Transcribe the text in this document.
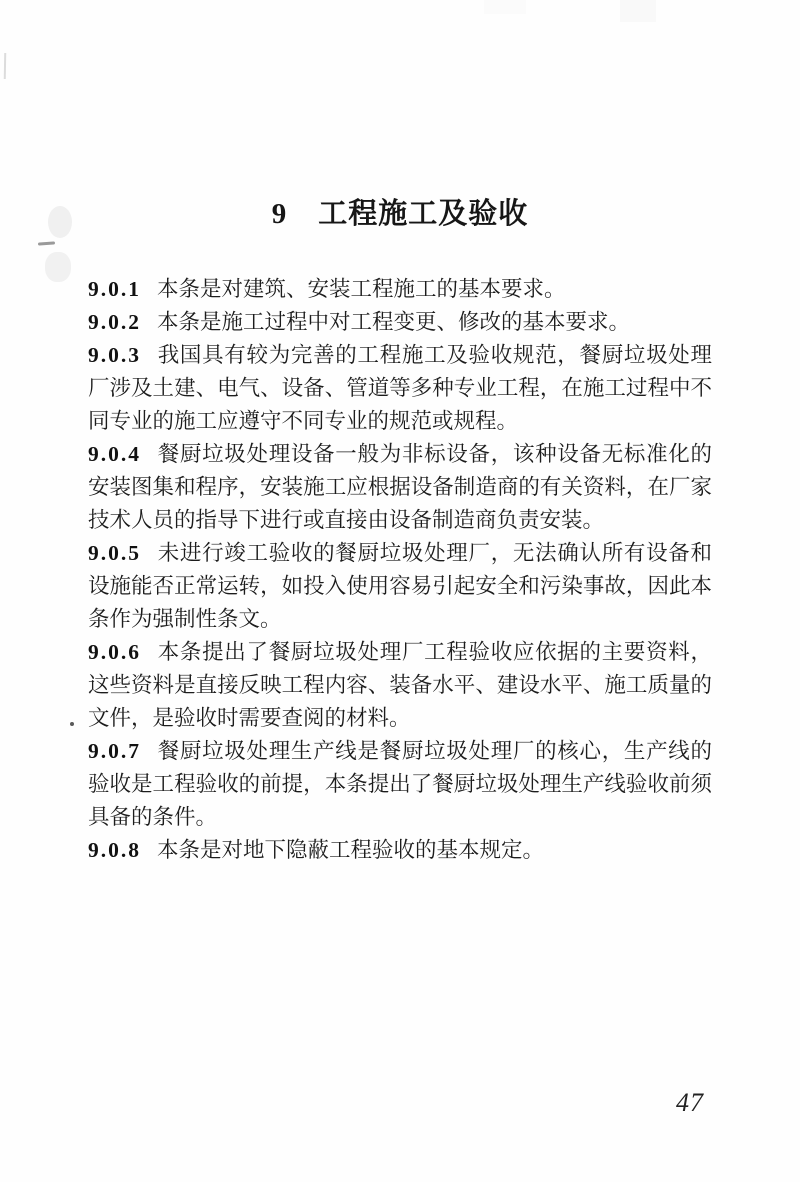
9 工程施工及验收

9.0.1 本条是对建筑、安装工程施工的基本要求。

9.0.2 本条是施工过程中对工程变更、修改的基本要求。

9.0.3 我国具有较为完善的工程施工及验收规范，餐厨垃圾处理厂涉及土建、电气、设备、管道等多种专业工程，在施工过程中不同专业的施工应遵守不同专业的规范或规程。

9.0.4 餐厨垃圾处理设备一般为非标设备，该种设备无标准化的安装图集和程序，安装施工应根据设备制造商的有关资料，在厂家技术人员的指导下进行或直接由设备制造商负责安装。

9.0.5 未进行竣工验收的餐厨垃圾处理厂，无法确认所有设备和设施能否正常运转，如投入使用容易引起安全和污染事故，因此本条作为强制性条文。

9.0.6 本条提出了餐厨垃圾处理厂工程验收应依据的主要资料，这些资料是直接反映工程内容、装备水平、建设水平、施工质量的文件，是验收时需要查阅的材料。

9.0.7 餐厨垃圾处理生产线是餐厨垃圾处理厂的核心，生产线的验收是工程验收的前提，本条提出了餐厨垃圾处理生产线验收前须具备的条件。

9.0.8 本条是对地下隐蔽工程验收的基本规定。

47
